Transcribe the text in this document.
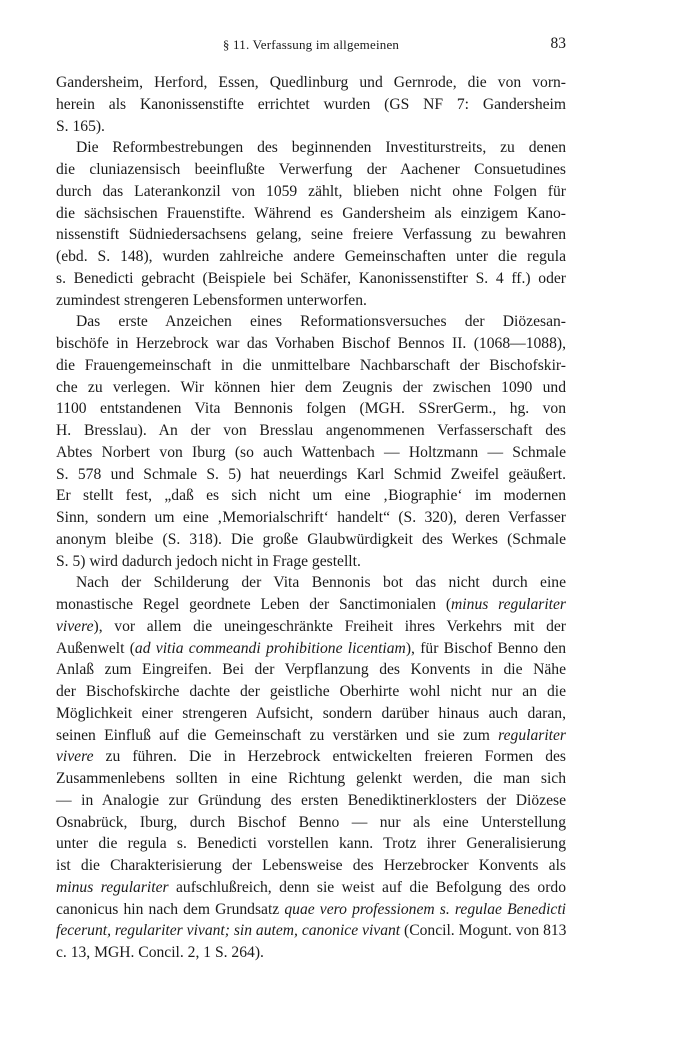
§ 11. Verfassung im allgemeinen	83
Gandersheim, Herford, Essen, Quedlinburg und Gernrode, die von vorn-
herein als Kanonissenstifte errichtet wurden (GS NF 7: Gandersheim
S. 165).
Die Reformbestrebungen des beginnenden Investiturstreits, zu denen
die cluniazensisch beeinflußte Verwerfung der Aachener Consuetudines
durch das Laterankonzil von 1059 zählt, blieben nicht ohne Folgen für
die sächsischen Frauenstifte. Während es Gandersheim als einzigem Kano-
nissenstift Südniedersachsens gelang, seine freiere Verfassung zu bewahren
(ebd. S. 148), wurden zahlreiche andere Gemeinschaften unter die regula
s. Benedicti gebracht (Beispiele bei Schäfer, Kanonissenstifter S. 4 ff.) oder
zumindest strengeren Lebensformen unterworfen.
Das erste Anzeichen eines Reformationsversuches der Diözesan-
bischöfe in Herzebrock war das Vorhaben Bischof Bennos II. (1068—1088),
die Frauengemeinschaft in die unmittelbare Nachbarschaft der Bischofskir-
che zu verlegen. Wir können hier dem Zeugnis der zwischen 1090 und
1100 entstandenen Vita Bennonis folgen (MGH. SSrerGerm., hg. von
H. Bresslau). An der von Bresslau angenommenen Verfasserschaft des
Abtes Norbert von Iburg (so auch Wattenbach — Holtzmann — Schmale
S. 578 und Schmale S. 5) hat neuerdings Karl Schmid Zweifel geäußert.
Er stellt fest, „daß es sich nicht um eine ‚Biographie‘ im modernen
Sinn, sondern um eine ‚Memorialschrift‘ handelt“ (S. 320), deren Verfasser
anonym bleibe (S. 318). Die große Glaubwürdigkeit des Werkes (Schmale
S. 5) wird dadurch jedoch nicht in Frage gestellt.
Nach der Schilderung der Vita Bennonis bot das nicht durch eine
monastische Regel geordnete Leben der Sanctimonialen (minus regulariter
vivere), vor allem die uneingeschränkte Freiheit ihres Verkehrs mit der
Außenwelt (ad vitia commeandi prohibitione licentiam), für Bischof Benno den
Anlaß zum Eingreifen. Bei der Verpflanzung des Konvents in die Nähe
der Bischofskirche dachte der geistliche Oberhirte wohl nicht nur an die
Möglichkeit einer strengeren Aufsicht, sondern darüber hinaus auch daran,
seinen Einfluß auf die Gemeinschaft zu verstärken und sie zum regulariter
vivere zu führen. Die in Herzebrock entwickelten freieren Formen des
Zusammenlebens sollten in eine Richtung gelenkt werden, die man sich
— in Analogie zur Gründung des ersten Benediktinerklosters der Diözese
Osnabrück, Iburg, durch Bischof Benno — nur als eine Unterstellung
unter die regula s. Benedicti vorstellen kann. Trotz ihrer Generalisierung
ist die Charakterisierung der Lebensweise des Herzebrocker Konvents als
minus regulariter aufschlußreich, denn sie weist auf die Befolgung des ordo
canonicus hin nach dem Grundsatz quae vero professionem s. regulae Benedicti
fecerunt, regulariter vivant; sin autem, canonice vivant (Concil. Mogunt. von 813
c. 13, MGH. Concil. 2, 1 S. 264).
